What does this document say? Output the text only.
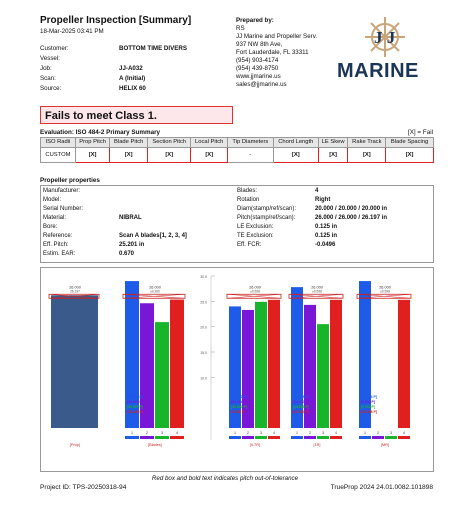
Propeller Inspection [Summary]
18-Mar-2025 03:41 PM
Customer:	BOTTOM TIME DIVERS
Vessel:
Job:	JJ-A032
Scan:	A (Initial)
Source:	HELIX 60
Prepared by:
RS
JJ Marine and Propeller Serv.
937 NW 8th Ave,
Fort Lauderdale, FL 33311
(954) 903-4174
(954) 439-8750
www.jjmarine.us
sales@jjmarine.us
J J
MARINE
Fails to meet Class 1.
Evaluation: ISO 484-2 Primary Summary	[X] = Fail
ISO Radii	Prop Pitch	Blade Pitch	Section Pitch	Local Pitch	Tip Diameters	Chord Length	LE Skew	Rake Track	Blade Spacing
CUSTOM	[X]	[X]	[X]	[X]	-	[X]	[X]	[X]	[X]
Propeller properties
Manufacturer:
Model:
Serial Number:
Material:	NIBRAL
Bore:
Reference:	Scan A blades[1, 2, 3, 4]
Eff. Pitch:	25.201 in
Estim. EAR:	0.670
Blades:	4
Rotation	Right
Diam(stamp/ref/scan):	20.000 / 20.000 / 20.000 in
Pitch(stamp/ref/scan):	26.000 / 26.000 / 26.197 in
LE Exclusion:	0.125 in
TE Exclusion:	0.125 in
Eff. FCR:	-0.0496
10.0
15.0
20.0
25.0
30.0
26.000
26.197
26.197 P
[Prop]
26.000
±0.260
1	2	3	4
[33.899 P]
[24.620 P]
[20.897 P]
[25.349 P]
[Blades]
26.000
±0.598
1	2	3	4
[24.350 P]
[24.314 P]
[26.030 P]
23.652 P
[0.7R]
26.000
±0.598
1	2	3	4
[27.778 P]
[24.310 P]
[19.658 P]
[25.334 P]
[1R]
26.000
±0.598
1	2	3	4
[45.474 P]
[0.000 P]
[0.000 P]
[25.298 P]
[MR]
Red box and bold text indicates pitch out-of-tolerance
Project ID: TPS-20250318-94	TrueProp 2024 24.01.0082.101898
